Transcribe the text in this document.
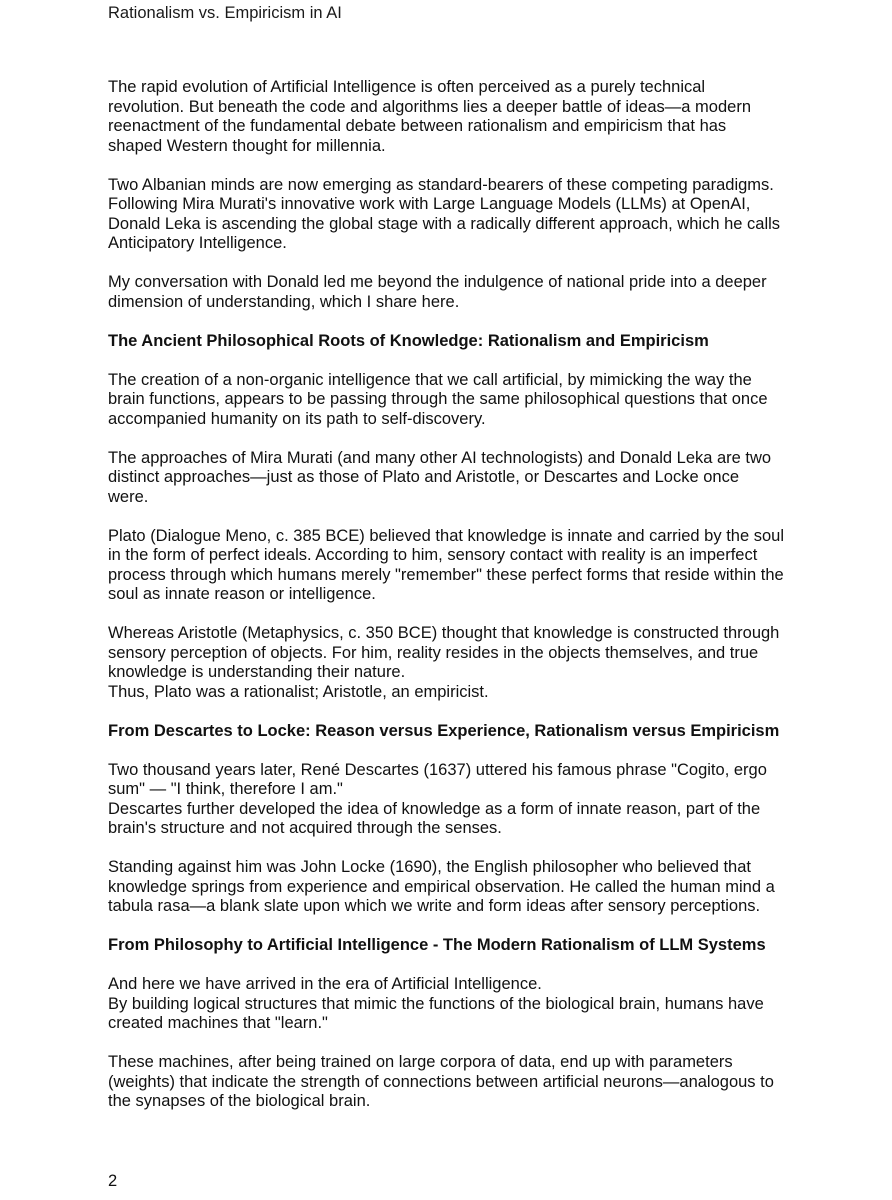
Rationalism vs. Empiricism in AI

The rapid evolution of Artificial Intelligence is often perceived as a purely technical
revolution. But beneath the code and algorithms lies a deeper battle of ideas—a modern
reenactment of the fundamental debate between rationalism and empiricism that has
shaped Western thought for millennia.

Two Albanian minds are now emerging as standard-bearers of these competing paradigms.
Following Mira Murati's innovative work with Large Language Models (LLMs) at OpenAI,
Donald Leka is ascending the global stage with a radically different approach, which he calls
Anticipatory Intelligence.

My conversation with Donald led me beyond the indulgence of national pride into a deeper
dimension of understanding, which I share here.

The Ancient Philosophical Roots of Knowledge: Rationalism and Empiricism

The creation of a non-organic intelligence that we call artificial, by mimicking the way the
brain functions, appears to be passing through the same philosophical questions that once
accompanied humanity on its path to self-discovery.

The approaches of Mira Murati (and many other AI technologists) and Donald Leka are two
distinct approaches—just as those of Plato and Aristotle, or Descartes and Locke once
were.

Plato (Dialogue Meno, c. 385 BCE) believed that knowledge is innate and carried by the soul
in the form of perfect ideals. According to him, sensory contact with reality is an imperfect
process through which humans merely "remember" these perfect forms that reside within the
soul as innate reason or intelligence.

Whereas Aristotle (Metaphysics, c. 350 BCE) thought that knowledge is constructed through
sensory perception of objects. For him, reality resides in the objects themselves, and true
knowledge is understanding their nature.
Thus, Plato was a rationalist; Aristotle, an empiricist.

From Descartes to Locke: Reason versus Experience, Rationalism versus Empiricism

Two thousand years later, René Descartes (1637) uttered his famous phrase "Cogito, ergo
sum" — "I think, therefore I am."
Descartes further developed the idea of knowledge as a form of innate reason, part of the
brain's structure and not acquired through the senses.

Standing against him was John Locke (1690), the English philosopher who believed that
knowledge springs from experience and empirical observation. He called the human mind a
tabula rasa—a blank slate upon which we write and form ideas after sensory perceptions.

From Philosophy to Artificial Intelligence - The Modern Rationalism of LLM Systems

And here we have arrived in the era of Artificial Intelligence.
By building logical structures that mimic the functions of the biological brain, humans have
created machines that "learn."

These machines, after being trained on large corpora of data, end up with parameters
(weights) that indicate the strength of connections between artificial neurons—analogous to
the synapses of the biological brain.

2
